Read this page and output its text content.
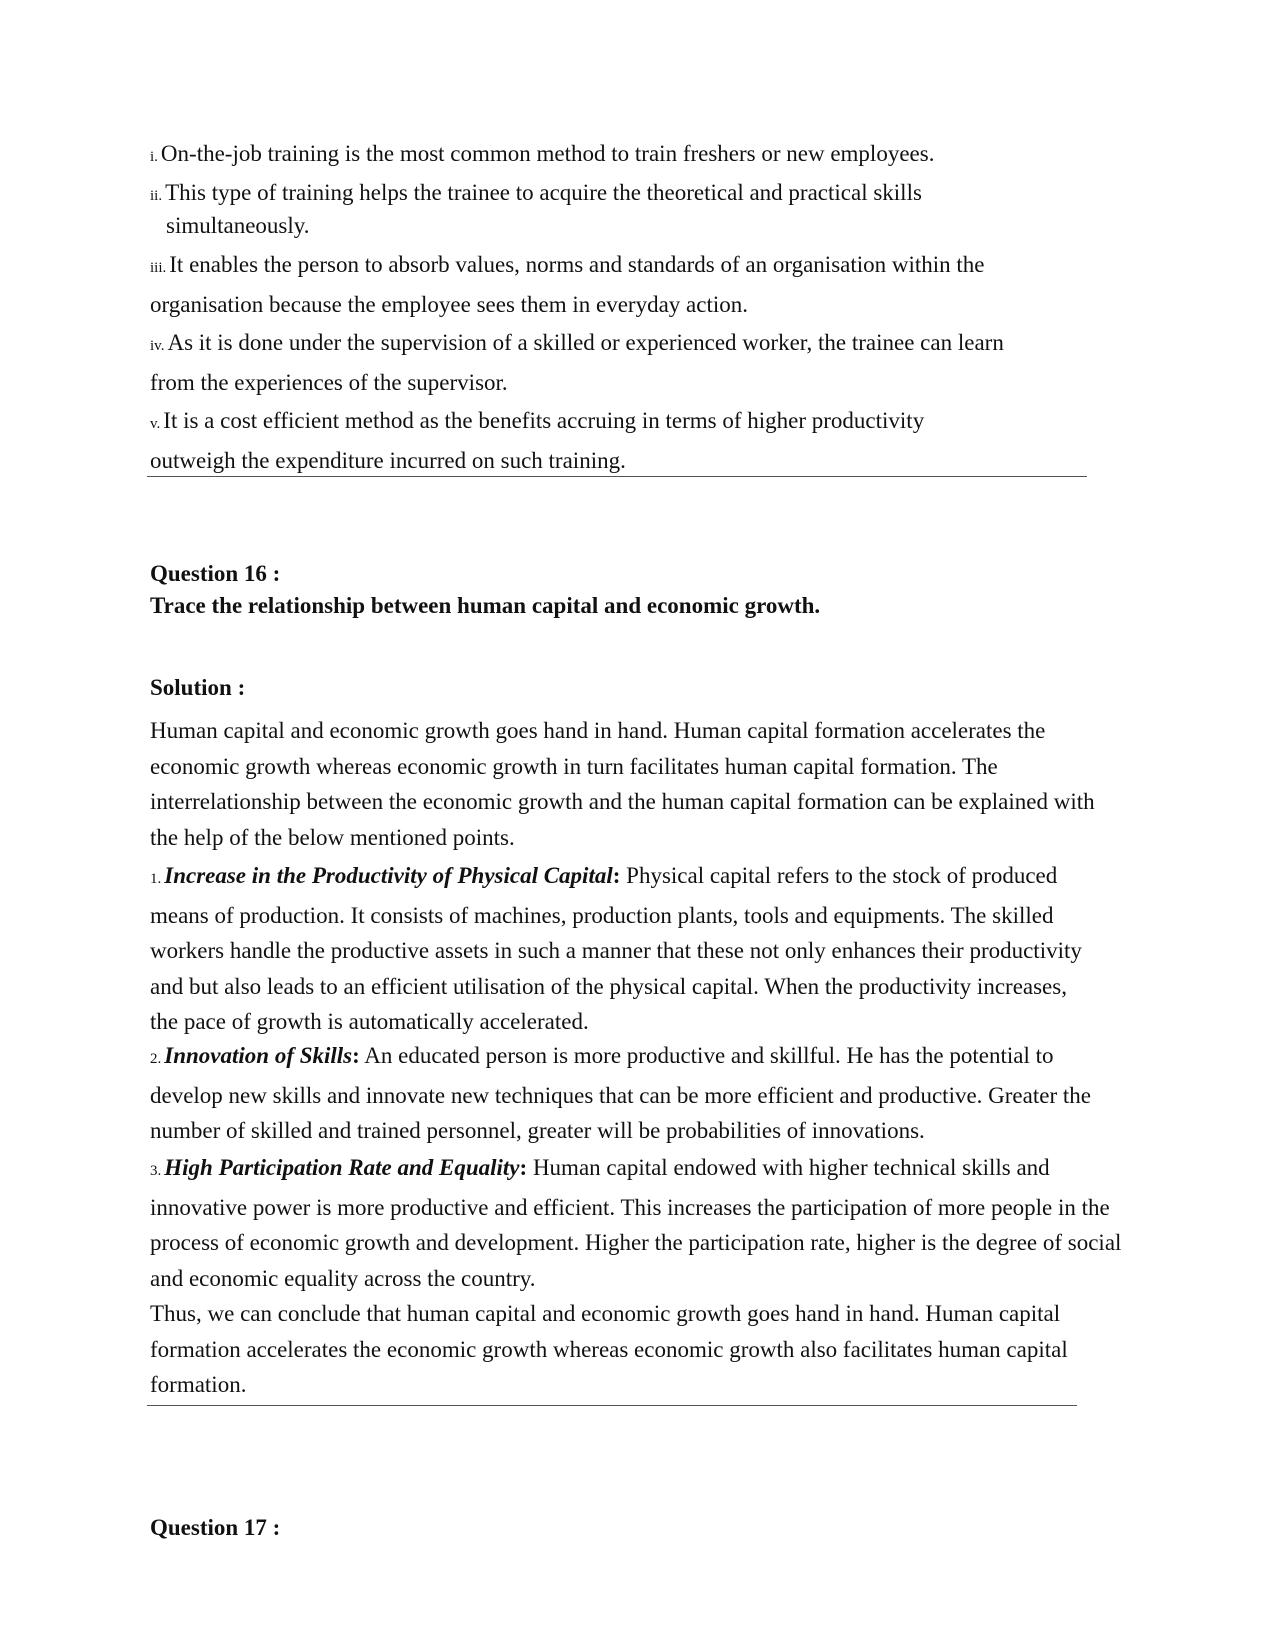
i. On-the-job training is the most common method to train freshers or new employees.

ii. This type of training helps the trainee to acquire the theoretical and practical skills
simultaneously.

iii. It enables the person to absorb values, norms and standards of an organisation within the organisation because the employee sees them in everyday action.

iv. As it is done under the supervision of a skilled or experienced worker, the trainee can learn from the experiences of the supervisor.

v. It is a cost efficient method as the benefits accruing in terms of higher productivity outweigh the expenditure incurred on such training.

Question 16 :

Trace the relationship between human capital and economic growth.

Solution :

Human capital and economic growth goes hand in hand. Human capital formation accelerates the economic growth whereas economic growth in turn facilitates human capital formation. The interrelationship between the economic growth and the human capital formation can be explained with the help of the below mentioned points.

1. Increase in the Productivity of Physical Capital: Physical capital refers to the stock of produced means of production. It consists of machines, production plants, tools and equipments. The skilled workers handle the productive assets in such a manner that these not only enhances their productivity and but also leads to an efficient utilisation of the physical capital. When the productivity increases, the pace of growth is automatically accelerated.

2. Innovation of Skills: An educated person is more productive and skillful. He has the potential to develop new skills and innovate new techniques that can be more efficient and productive. Greater the number of skilled and trained personnel, greater will be probabilities of innovations.

3. High Participation Rate and Equality: Human capital endowed with higher technical skills and innovative power is more productive and efficient. This increases the participation of more people in the process of economic growth and development. Higher the participation rate, higher is the degree of social and economic equality across the country.

Thus, we can conclude that human capital and economic growth goes hand in hand. Human capital formation accelerates the economic growth whereas economic growth also facilitates human capital formation.

Question 17 :
